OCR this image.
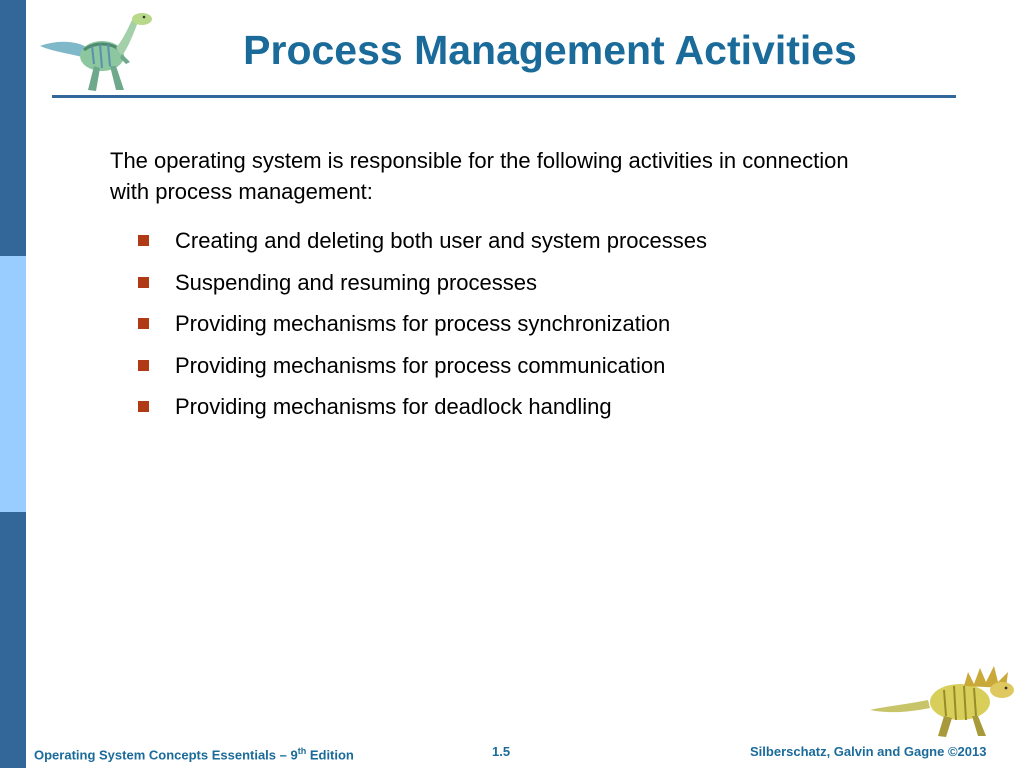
Process Management Activities

The operating system is responsible for the following activities in connection with process management:

Creating and deleting both user and system processes
Suspending and resuming processes
Providing mechanisms for process synchronization
Providing mechanisms for process communication
Providing mechanisms for deadlock handling
Operating System Concepts Essentials – 9th Edition	1.5	Silberschatz, Galvin and Gagne ©2013
